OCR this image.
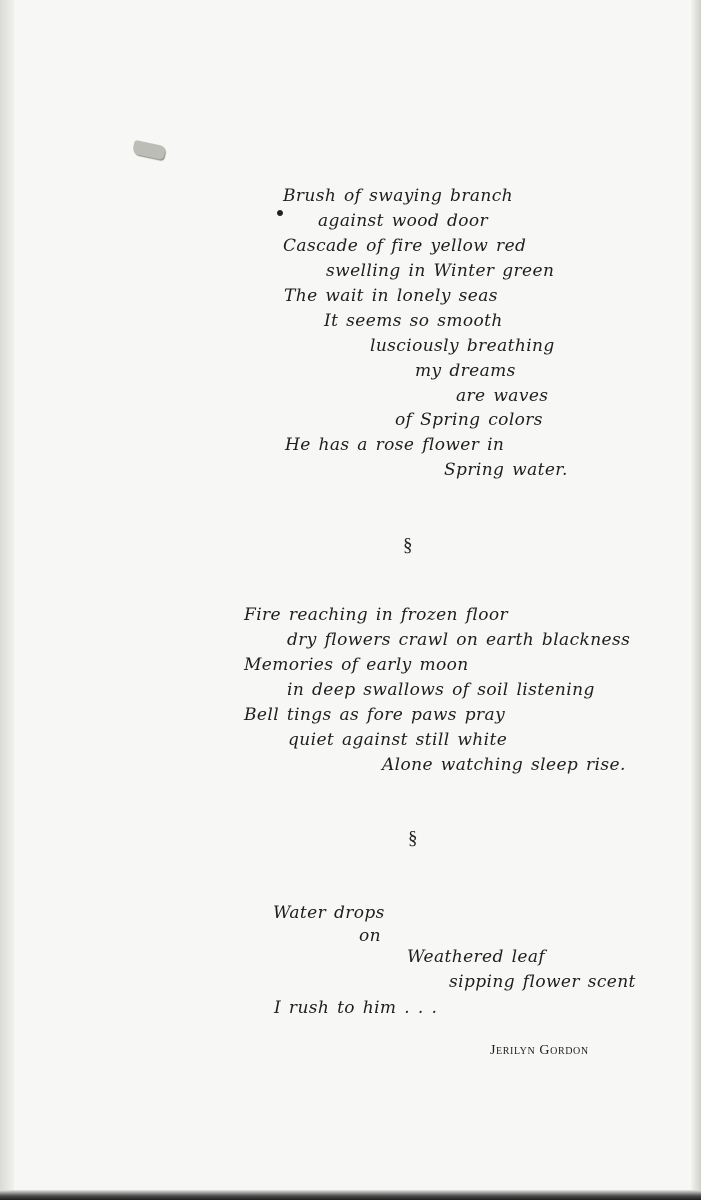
Brush of swaying branch
against wood door
Cascade of fire yellow red
swelling in Winter green
The wait in lonely seas
It seems so smooth
lusciously breathing
my dreams
are waves
of Spring colors
He has a rose flower in
Spring water.
§
Fire reaching in frozen floor
dry flowers crawl on earth blackness
Memories of early moon
in deep swallows of soil listening
Bell tings as fore paws pray
quiet against still white
Alone watching sleep rise.
§
Water drops
on
Weathered leaf
sipping flower scent
I rush to him . . .
Jerilyn Gordon
